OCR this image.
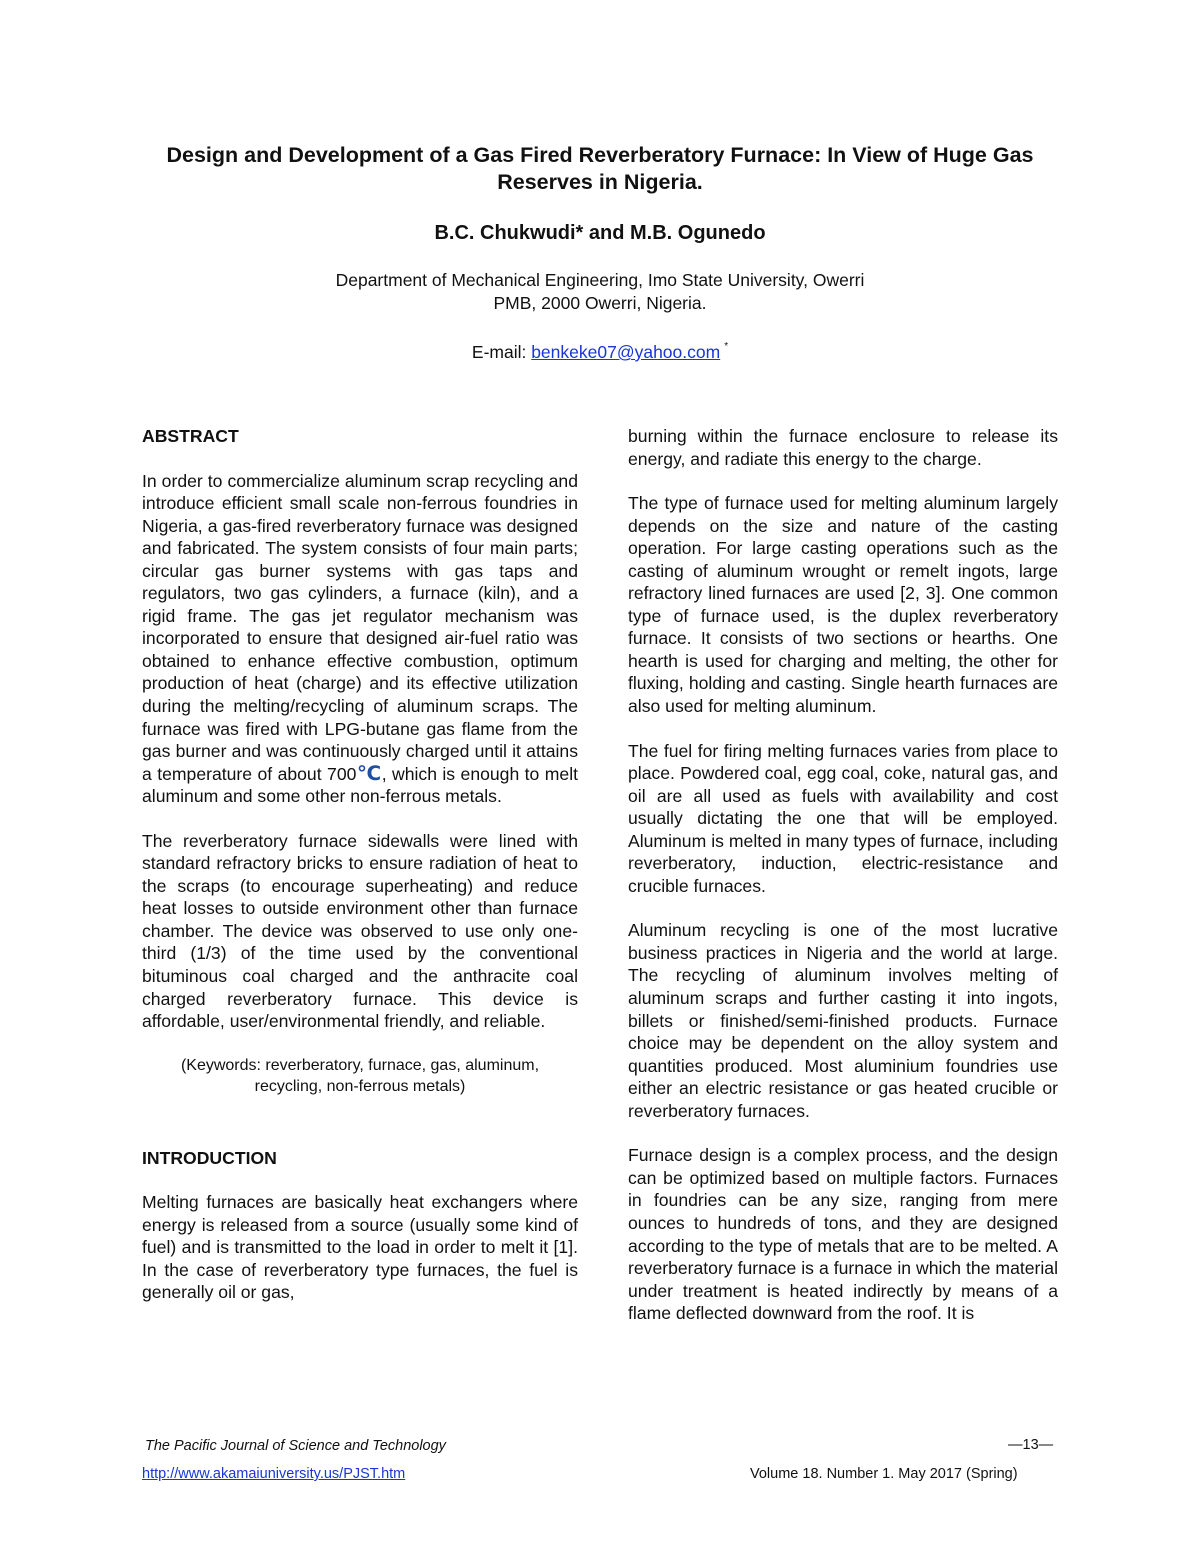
Design and Development of a Gas Fired Reverberatory Furnace: In View of Huge Gas Reserves in Nigeria.
B.C. Chukwudi* and M.B. Ogunedo
Department of Mechanical Engineering, Imo State University, Owerri
PMB, 2000 Owerri, Nigeria.
E-mail: benkeke07@yahoo.com *
ABSTRACT

In order to commercialize aluminum scrap recycling and introduce efficient small scale non-ferrous foundries in Nigeria, a gas-fired reverberatory furnace was designed and fabricated. The system consists of four main parts; circular gas burner systems with gas taps and regulators, two gas cylinders, a furnace (kiln), and a rigid frame. The gas jet regulator mechanism was incorporated to ensure that designed air-fuel ratio was obtained to enhance effective combustion, optimum production of heat (charge) and its effective utilization during the melting/recycling of aluminum scraps. The furnace was fired with LPG-butane gas flame from the gas burner and was continuously charged until it attains a temperature of about 700℃, which is enough to melt aluminum and some other non-ferrous metals.

The reverberatory furnace sidewalls were lined with standard refractory bricks to ensure radiation of heat to the scraps (to encourage superheating) and reduce heat losses to outside environment other than furnace chamber. The device was observed to use only one-third (1/3) of the time used by the conventional bituminous coal charged and the anthracite coal charged reverberatory furnace. This device is affordable, user/environmental friendly, and reliable.

(Keywords: reverberatory, furnace, gas, aluminum,
recycling, non-ferrous metals)

INTRODUCTION

Melting furnaces are basically heat exchangers where energy is released from a source (usually some kind of fuel) and is transmitted to the load in order to melt it [1]. In the case of reverberatory type furnaces, the fuel is generally oil or gas,

burning within the furnace enclosure to release its energy, and radiate this energy to the charge.

The type of furnace used for melting aluminum largely depends on the size and nature of the casting operation. For large casting operations such as the casting of aluminum wrought or remelt ingots, large refractory lined furnaces are used [2, 3]. One common type of furnace used, is the duplex reverberatory furnace. It consists of two sections or hearths. One hearth is used for charging and melting, the other for fluxing, holding and casting. Single hearth furnaces are also used for melting aluminum.

The fuel for firing melting furnaces varies from place to place. Powdered coal, egg coal, coke, natural gas, and oil are all used as fuels with availability and cost usually dictating the one that will be employed. Aluminum is melted in many types of furnace, including reverberatory, induction, electric-resistance and crucible furnaces.

Aluminum recycling is one of the most lucrative business practices in Nigeria and the world at large. The recycling of aluminum involves melting of aluminum scraps and further casting it into ingots, billets or finished/semi-finished products. Furnace choice may be dependent on the alloy system and quantities produced. Most aluminium foundries use either an electric resistance or gas heated crucible or reverberatory furnaces.

Furnace design is a complex process, and the design can be optimized based on multiple factors. Furnaces in foundries can be any size, ranging from mere ounces to hundreds of tons, and they are designed according to the type of metals that are to be melted. A reverberatory furnace is a furnace in which the material under treatment is heated indirectly by means of a flame deflected downward from the roof. It is

The Pacific Journal of Science and Technology	—13—
http://www.akamaiuniversity.us/PJST.htm	Volume 18. Number 1. May 2017 (Spring)
